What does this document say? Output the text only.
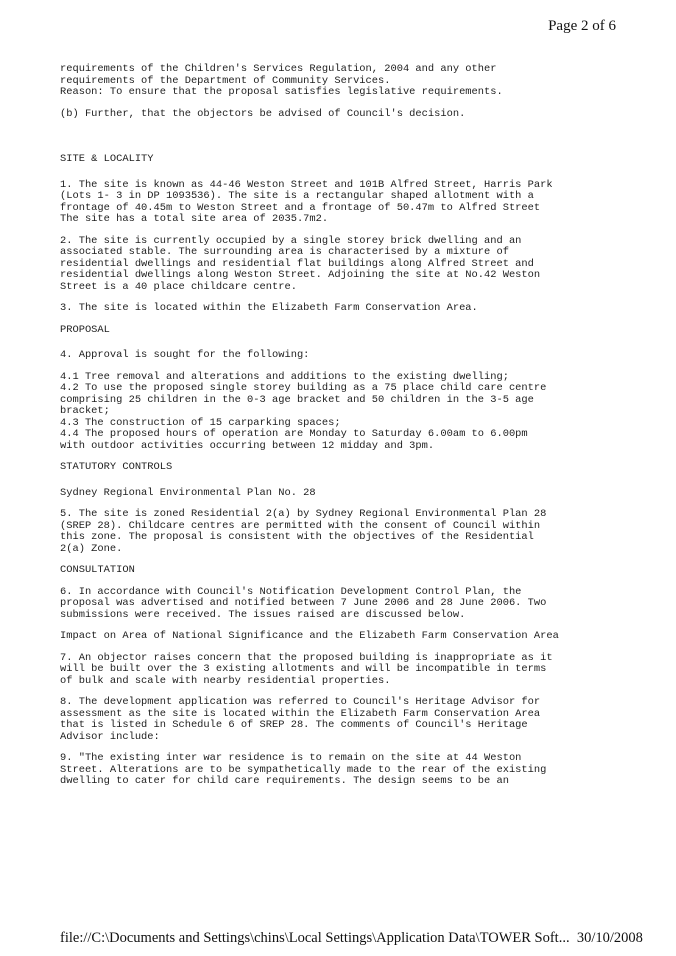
Page 2 of 6
requirements of the Children's Services Regulation, 2004 and any other
requirements of the Department of Community Services.
Reason: To ensure that the proposal satisfies legislative requirements.
(b) Further, that the objectors be advised of Council's decision.
SITE & LOCALITY
1. The site is known as 44-46 Weston Street and 101B Alfred Street, Harris Park
(Lots 1- 3 in DP 1093536). The site is a rectangular shaped allotment with a
frontage of 40.45m to Weston Street and a frontage of 50.47m to Alfred Street
The site has a total site area of 2035.7m2.
2. The site is currently occupied by a single storey brick dwelling and an
associated stable. The surrounding area is characterised by a mixture of
residential dwellings and residential flat buildings along Alfred Street and
residential dwellings along Weston Street. Adjoining the site at No.42 Weston
Street is a 40 place childcare centre.
3. The site is located within the Elizabeth Farm Conservation Area.
PROPOSAL
4. Approval is sought for the following:
4.1 Tree removal and alterations and additions to the existing dwelling;
4.2 To use the proposed single storey building as a 75 place child care centre
comprising 25 children in the 0-3 age bracket and 50 children in the 3-5 age
bracket;
4.3 The construction of 15 carparking spaces;
4.4 The proposed hours of operation are Monday to Saturday 6.00am to 6.00pm
with outdoor activities occurring between 12 midday and 3pm.
STATUTORY CONTROLS
Sydney Regional Environmental Plan No. 28
5. The site is zoned Residential 2(a) by Sydney Regional Environmental Plan 28
(SREP 28). Childcare centres are permitted with the consent of Council within
this zone. The proposal is consistent with the objectives of the Residential
2(a) Zone.
CONSULTATION
6. In accordance with Council's Notification Development Control Plan, the
proposal was advertised and notified between 7 June 2006 and 28 June 2006. Two
submissions were received. The issues raised are discussed below.
Impact on Area of National Significance and the Elizabeth Farm Conservation Area
7. An objector raises concern that the proposed building is inappropriate as it
will be built over the 3 existing allotments and will be incompatible in terms
of bulk and scale with nearby residential properties.
8. The development application was referred to Council's Heritage Advisor for
assessment as the site is located within the Elizabeth Farm Conservation Area
that is listed in Schedule 6 of SREP 28. The comments of Council's Heritage
Advisor include:
9. "The existing inter war residence is to remain on the site at 44 Weston
Street. Alterations are to be sympathetically made to the rear of the existing
dwelling to cater for child care requirements. The design seems to be an
file://C:\Documents and Settings\chins\Local Settings\Application Data\TOWER Soft... 30/10/2008
